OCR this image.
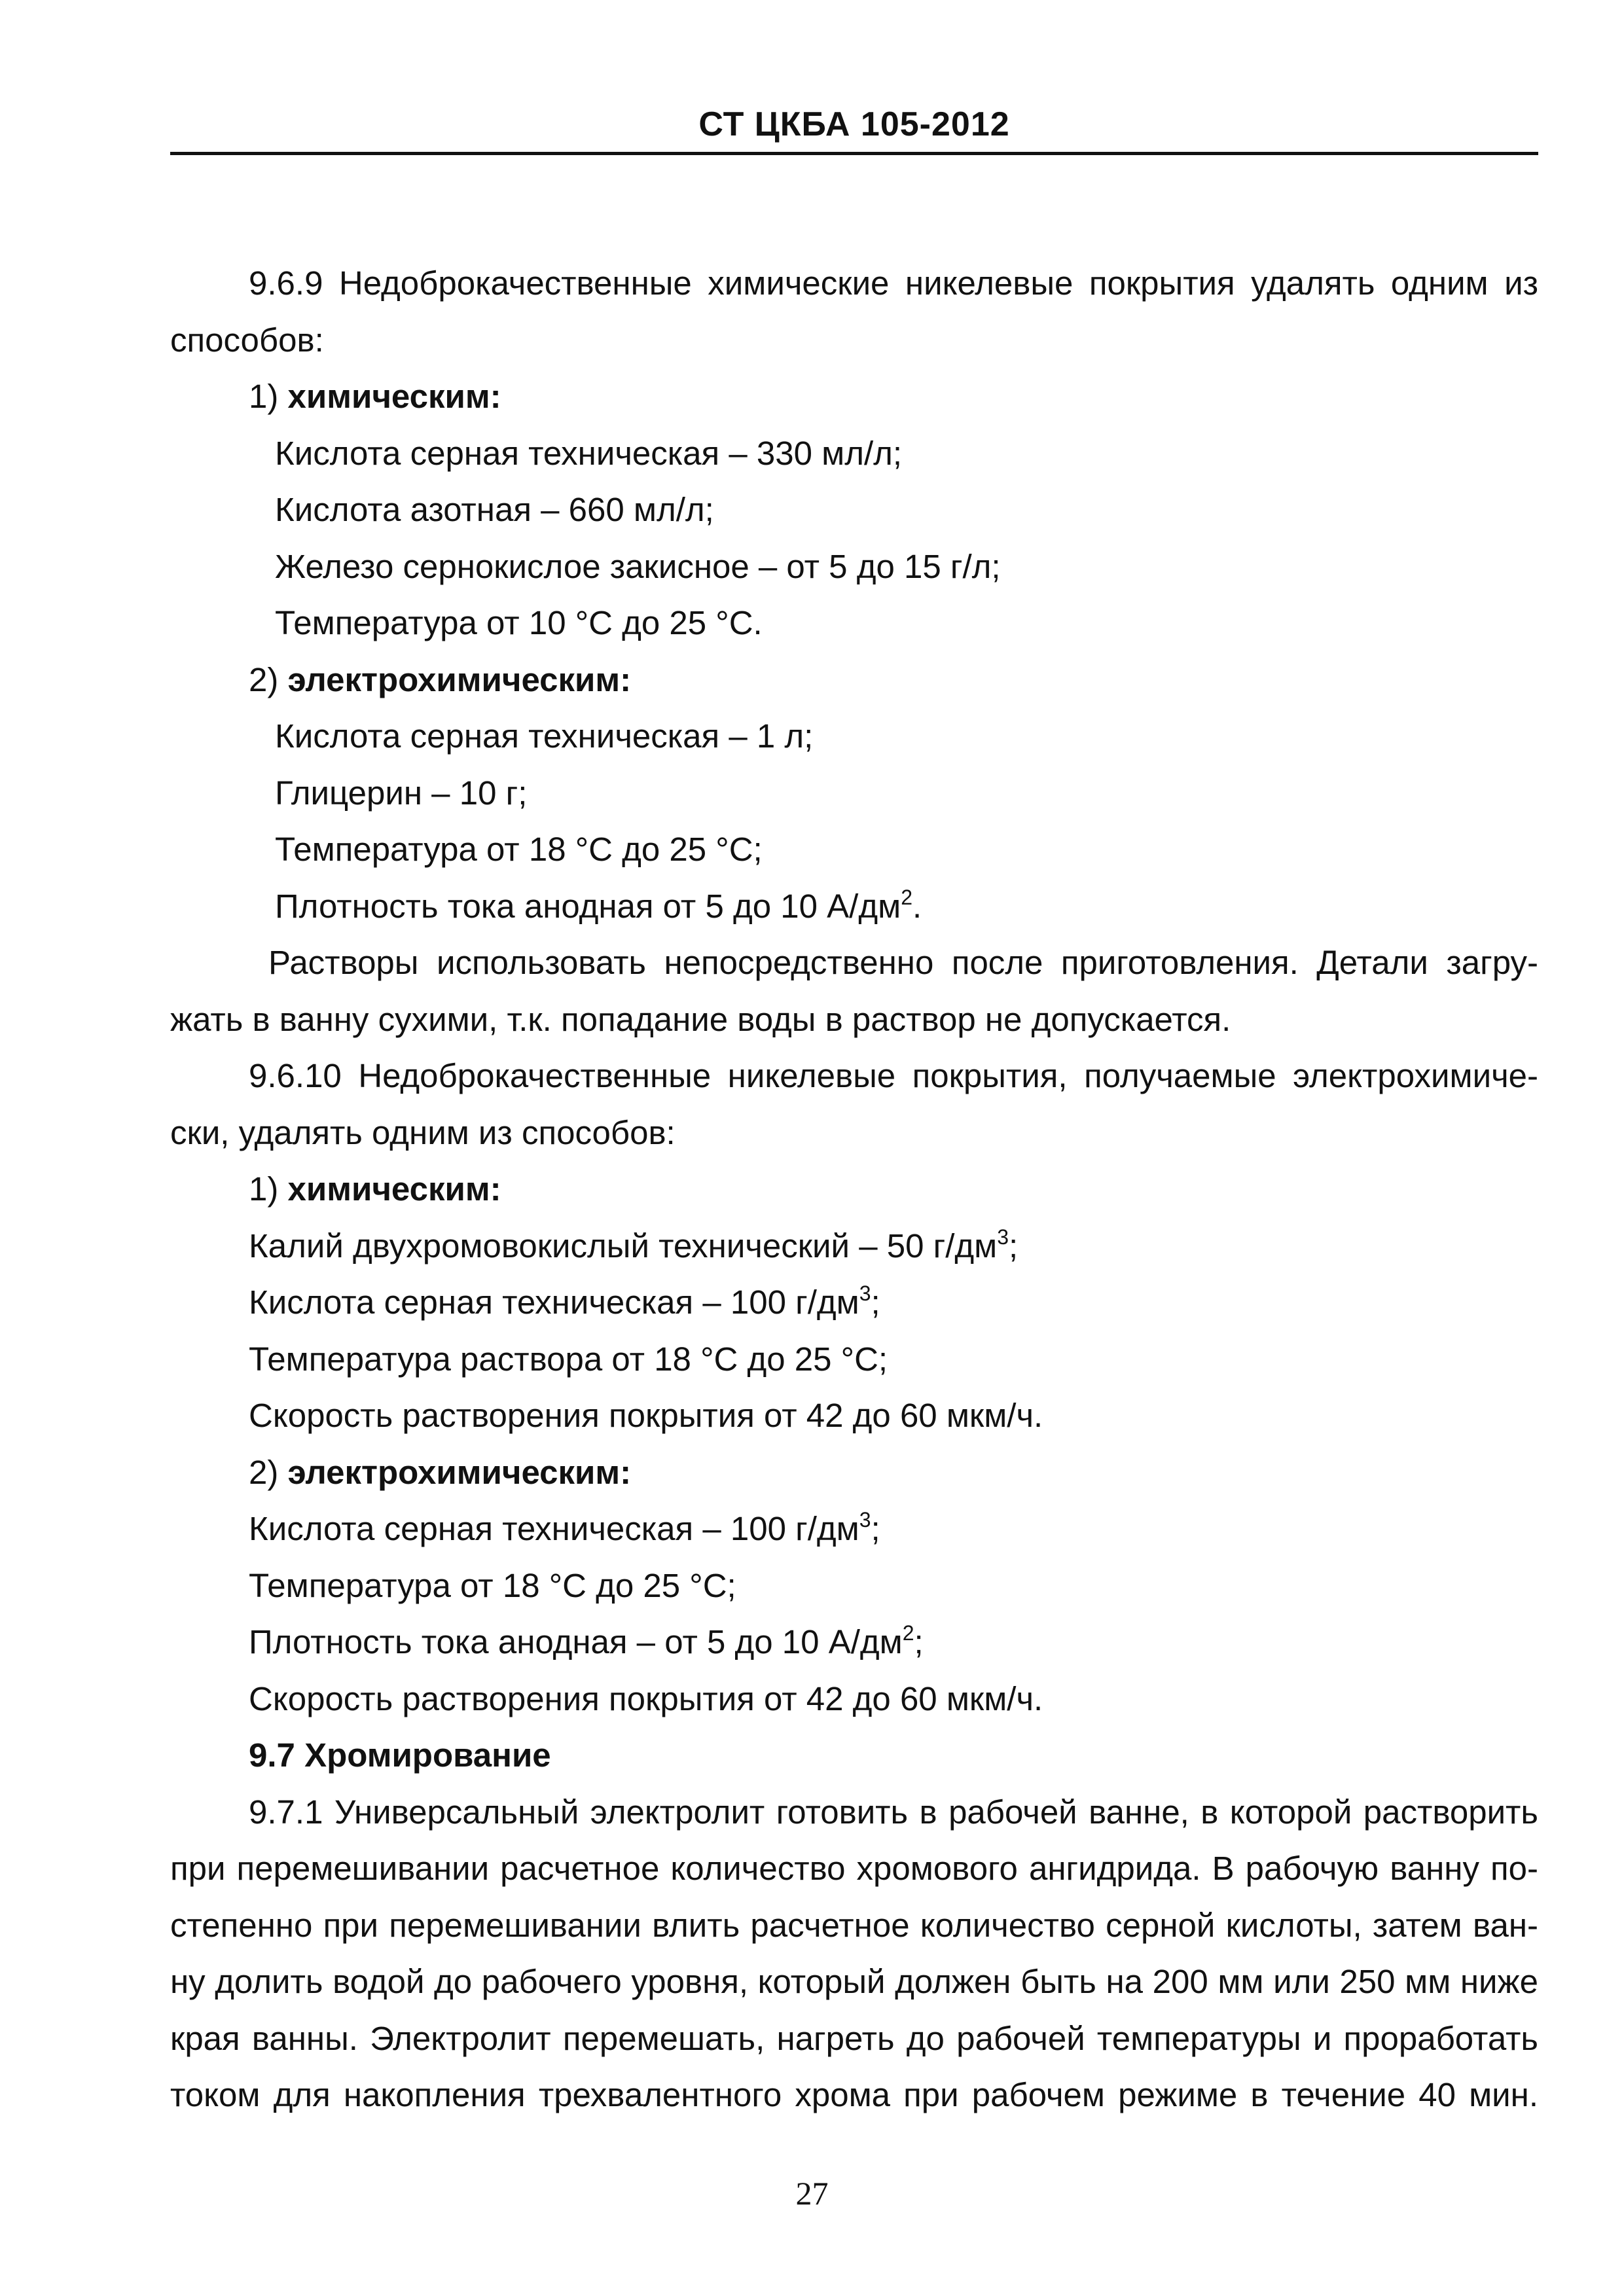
СТ ЦКБА 105-2012

9.6.9 Недоброкачественные химические никелевые покрытия удалять одним из

способов:

1) химическим:

Кислота серная техническая – 330 мл/л;

Кислота азотная – 660 мл/л;

Железо сернокислое закисное – от 5 до 15 г/л;

Температура от 10 °С до 25 °С.

2) электрохимическим:

Кислота серная техническая – 1 л;

Глицерин – 10 г;

Температура от 18 °С до 25 °С;

Плотность тока анодная от 5 до 10 $А/дм^2$.

Растворы использовать непосредственно после приготовления. Детали загру-

жать в ванну сухими, т.к. попадание воды в раствор не допускается.

9.6.10 Недоброкачественные никелевые покрытия, получаемые электрохимиче-

ски, удалять одним из способов:

1) химическим:

Калий двухромовокислый технический – 50 $г/дм^3$;

Кислота серная техническая – 100 $г/дм^3$;

Температура раствора от 18 °С до 25 °С;

Скорость растворения покрытия от 42 до 60 мкм/ч.

2) электрохимическим:

Кислота серная техническая – 100 $г/дм^3$;

Температура от 18 °С до 25 °С;

Плотность тока анодная – от 5 до 10 $А/дм^2$;

Скорость растворения покрытия от 42 до 60 мкм/ч.

9.7 Хромирование

9.7.1 Универсальный электролит готовить в рабочей ванне, в которой растворить

при перемешивании расчетное количество хромового ангидрида. В рабочую ванну по-

степенно при перемешивании влить расчетное количество серной кислоты, затем ван-

ну долить водой до рабочего уровня, который должен быть на 200 мм или 250 мм ниже

края ванны. Электролит перемешать, нагреть до рабочей температуры и проработать

током для накопления трехвалентного хрома при рабочем режиме в течение 40 мин.

27
